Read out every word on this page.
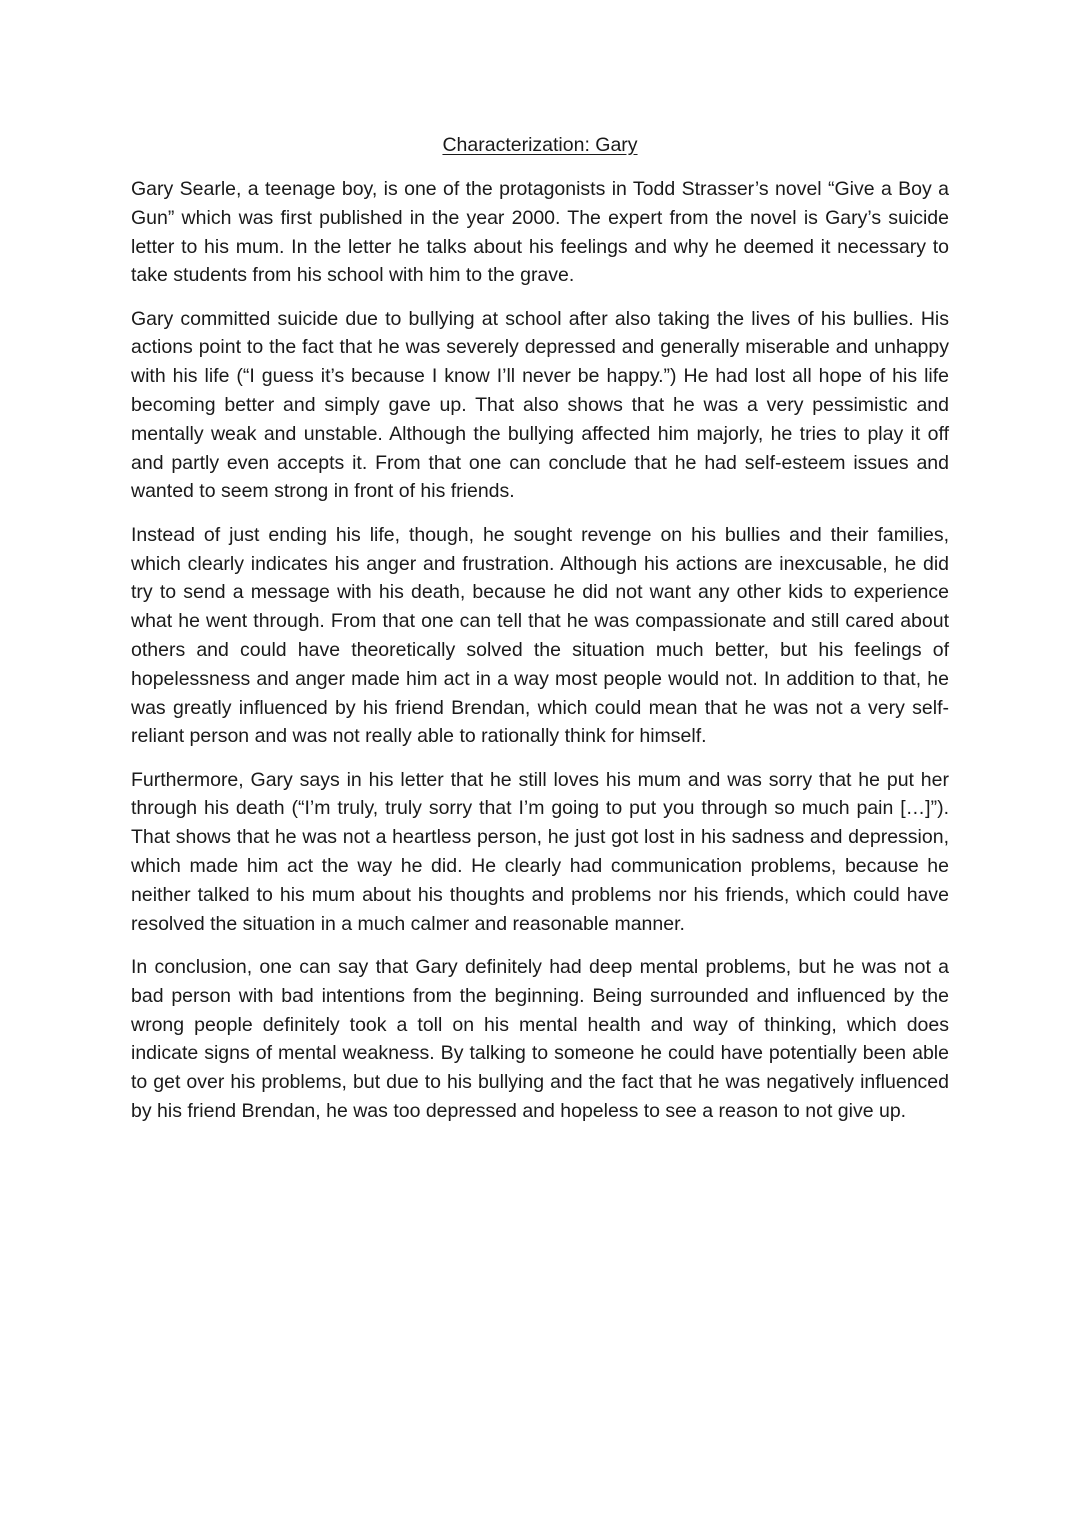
Characterization: Gary

Gary Searle, a teenage boy, is one of the protagonists in Todd Strasser’s novel “Give a Boy a Gun” which was first published in the year 2000. The expert from the novel is Gary’s suicide letter to his mum. In the letter he talks about his feelings and why he deemed it necessary to take students from his school with him to the grave.

Gary committed suicide due to bullying at school after also taking the lives of his bullies. His actions point to the fact that he was severely depressed and generally miserable and unhappy with his life (“I guess it’s because I know I’ll never be happy.”) He had lost all hope of his life becoming better and simply gave up. That also shows that he was a very pessimistic and mentally weak and unstable. Although the bullying affected him majorly, he tries to play it off and partly even accepts it. From that one can conclude that he had self-esteem issues and wanted to seem strong in front of his friends.

Instead of just ending his life, though, he sought revenge on his bullies and their families, which clearly indicates his anger and frustration. Although his actions are inexcusable, he did try to send a message with his death, because he did not want any other kids to experience what he went through. From that one can tell that he was compassionate and still cared about others and could have theoretically solved the situation much better, but his feelings of hopelessness and anger made him act in a way most people would not. In addition to that, he was greatly influenced by his friend Brendan, which could mean that he was not a very self-reliant person and was not really able to rationally think for himself.

Furthermore, Gary says in his letter that he still loves his mum and was sorry that he put her through his death (“I’m truly, truly sorry that I’m going to put you through so much pain […]”). That shows that he was not a heartless person, he just got lost in his sadness and depression, which made him act the way he did. He clearly had communication problems, because he neither talked to his mum about his thoughts and problems nor his friends, which could have resolved the situation in a much calmer and reasonable manner.

In conclusion, one can say that Gary definitely had deep mental problems, but he was not a bad person with bad intentions from the beginning. Being surrounded and influenced by the wrong people definitely took a toll on his mental health and way of thinking, which does indicate signs of mental weakness. By talking to someone he could have potentially been able to get over his problems, but due to his bullying and the fact that he was negatively influenced by his friend Brendan, he was too depressed and hopeless to see a reason to not give up.
